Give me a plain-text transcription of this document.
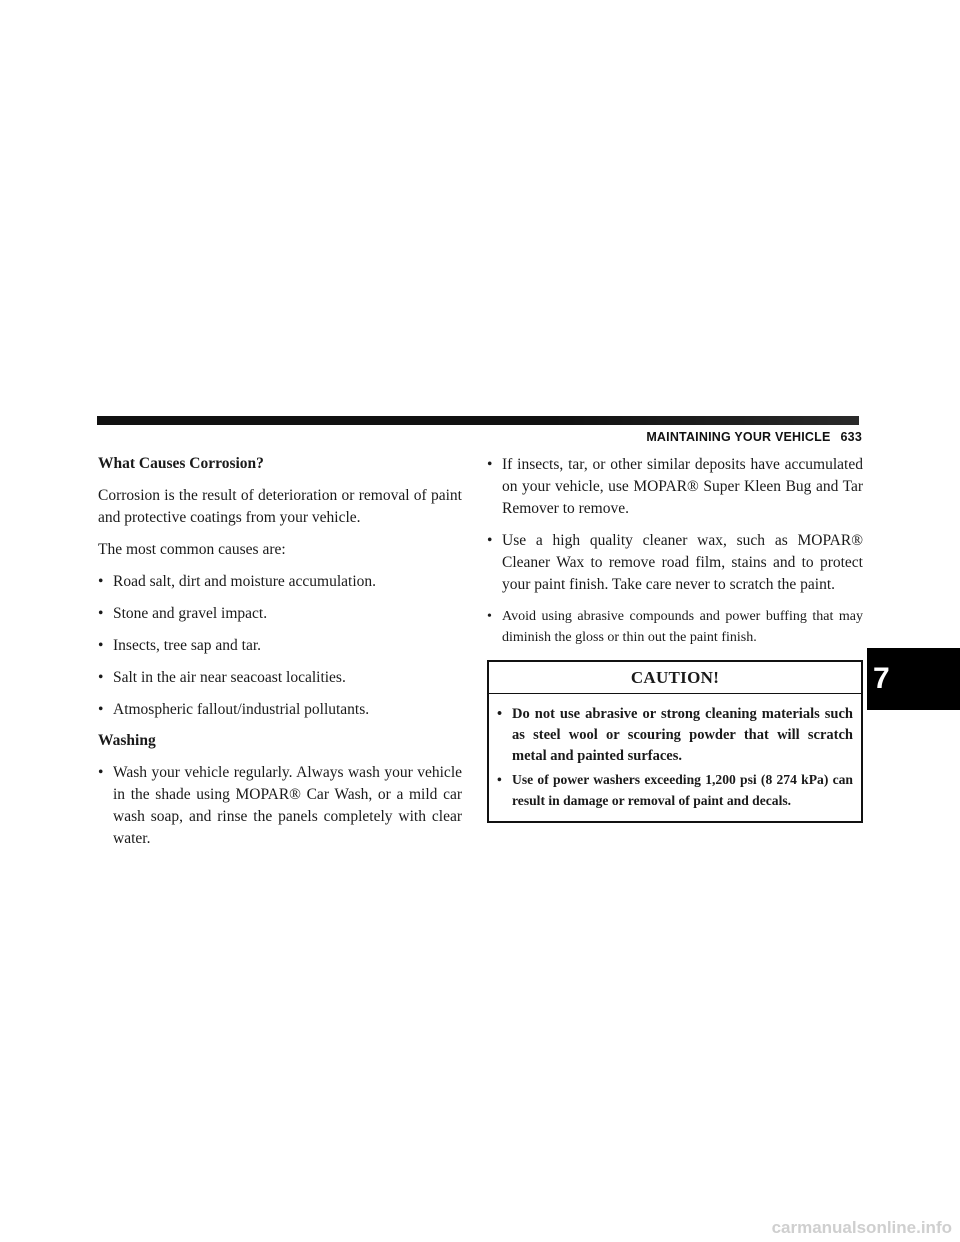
MAINTAINING YOUR VEHICLE 633
What Causes Corrosion?

Corrosion is the result of deterioration or removal of paint and protective coatings from your vehicle.

The most common causes are:

• Road salt, dirt and moisture accumulation.
• Stone and gravel impact.
• Insects, tree sap and tar.
• Salt in the air near seacoast localities.
• Atmospheric fallout/industrial pollutants.
Washing
• Wash your vehicle regularly. Always wash your vehicle in the shade using MOPAR® Car Wash, or a mild car wash soap, and rinse the panels completely with clear water.
• If insects, tar, or other similar deposits have accumulated on your vehicle, use MOPAR® Super Kleen Bug and Tar Remover to remove.
• Use a high quality cleaner wax, such as MOPAR® Cleaner Wax to remove road film, stains and to protect your paint finish. Take care never to scratch the paint.
• Avoid using abrasive compounds and power buffing that may diminish the gloss or thin out the paint finish.
CAUTION!
• Do not use abrasive or strong cleaning materials such as steel wool or scouring powder that will scratch metal and painted surfaces.
• Use of power washers exceeding 1,200 psi (8 274 kPa) can result in damage or removal of paint and decals.
7
carmanualsonline.info
